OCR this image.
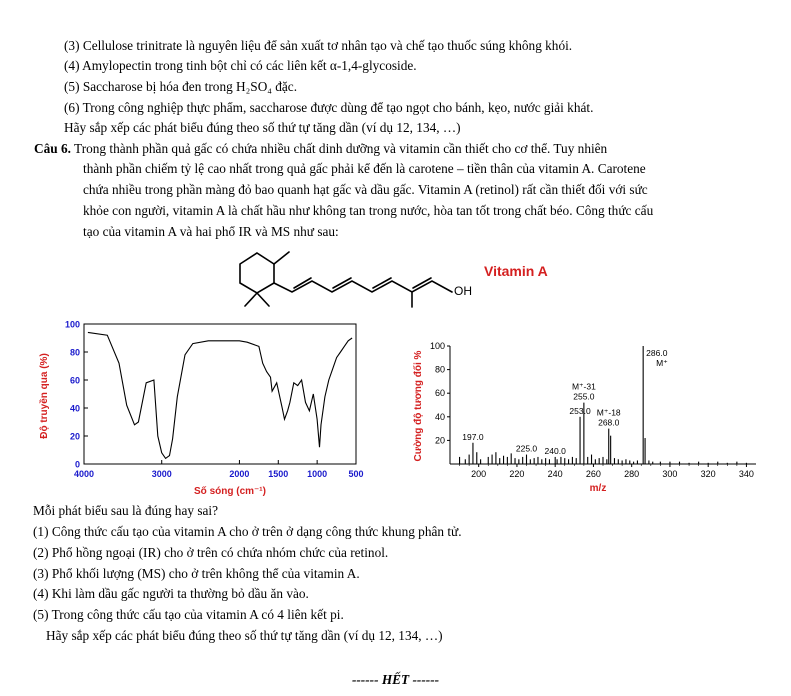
(3) Cellulose trinitrate là nguyên liệu để sản xuất tơ nhân tạo và chế tạo thuốc súng không khói.
(4) Amylopectin trong tinh bột chỉ có các liên kết α-1,4-glycoside.
(5) Saccharose bị hóa đen trong H₂SO₄ đặc.
(6) Trong công nghiệp thực phẩm, saccharose được dùng để tạo ngọt cho bánh, kẹo, nước giải khát.
Hãy sắp xếp các phát biểu đúng theo số thứ tự tăng dần (ví dụ 12, 134, …)
Câu 6. Trong thành phần quả gấc có chứa nhiều chất dinh dưỡng và vitamin cần thiết cho cơ thể. Tuy nhiên
thành phần chiếm tỷ lệ cao nhất trong quả gấc phải kể đến là carotene – tiền thân của vitamin A. Carotene
chứa nhiều trong phần màng đỏ bao quanh hạt gấc và dầu gấc. Vitamin A (retinol) rất cần thiết đối với sức
khỏe con người, vitamin A là chất hầu như không tan trong nước, hòa tan tốt trong chất béo. Công thức cấu
tạo của vitamin A và hai phổ IR và MS như sau:
OH
Vitamin A
Độ truyền qua (%)
Số sóng (cm⁻¹)
0
20
40
60
80
100
4000	3000	2000 1500 1000 500
Cường độ tương đối %
m/z
20
40
60
80
100
200	220	240	260	280	300	320	340
197.0
225.0 240.0
253.0
M⁺-31 255.0
M⁺-18 268.0
286.0 M⁺
Mỗi phát biểu sau là đúng hay sai?
(1) Công thức cấu tạo của vitamin A cho ở trên ở dạng công thức khung phân tử.
(2) Phổ hồng ngoại (IR) cho ở trên có chứa nhóm chức của retinol.
(3) Phổ khối lượng (MS) cho ở trên không thể của vitamin A.
(4) Khi làm dầu gấc người ta thường bỏ dầu ăn vào.
(5) Trong công thức cấu tạo của vitamin A có 4 liên kết pi.
Hãy sắp xếp các phát biểu đúng theo số thứ tự tăng dần (ví dụ 12, 134, …)
------ HẾT ------
